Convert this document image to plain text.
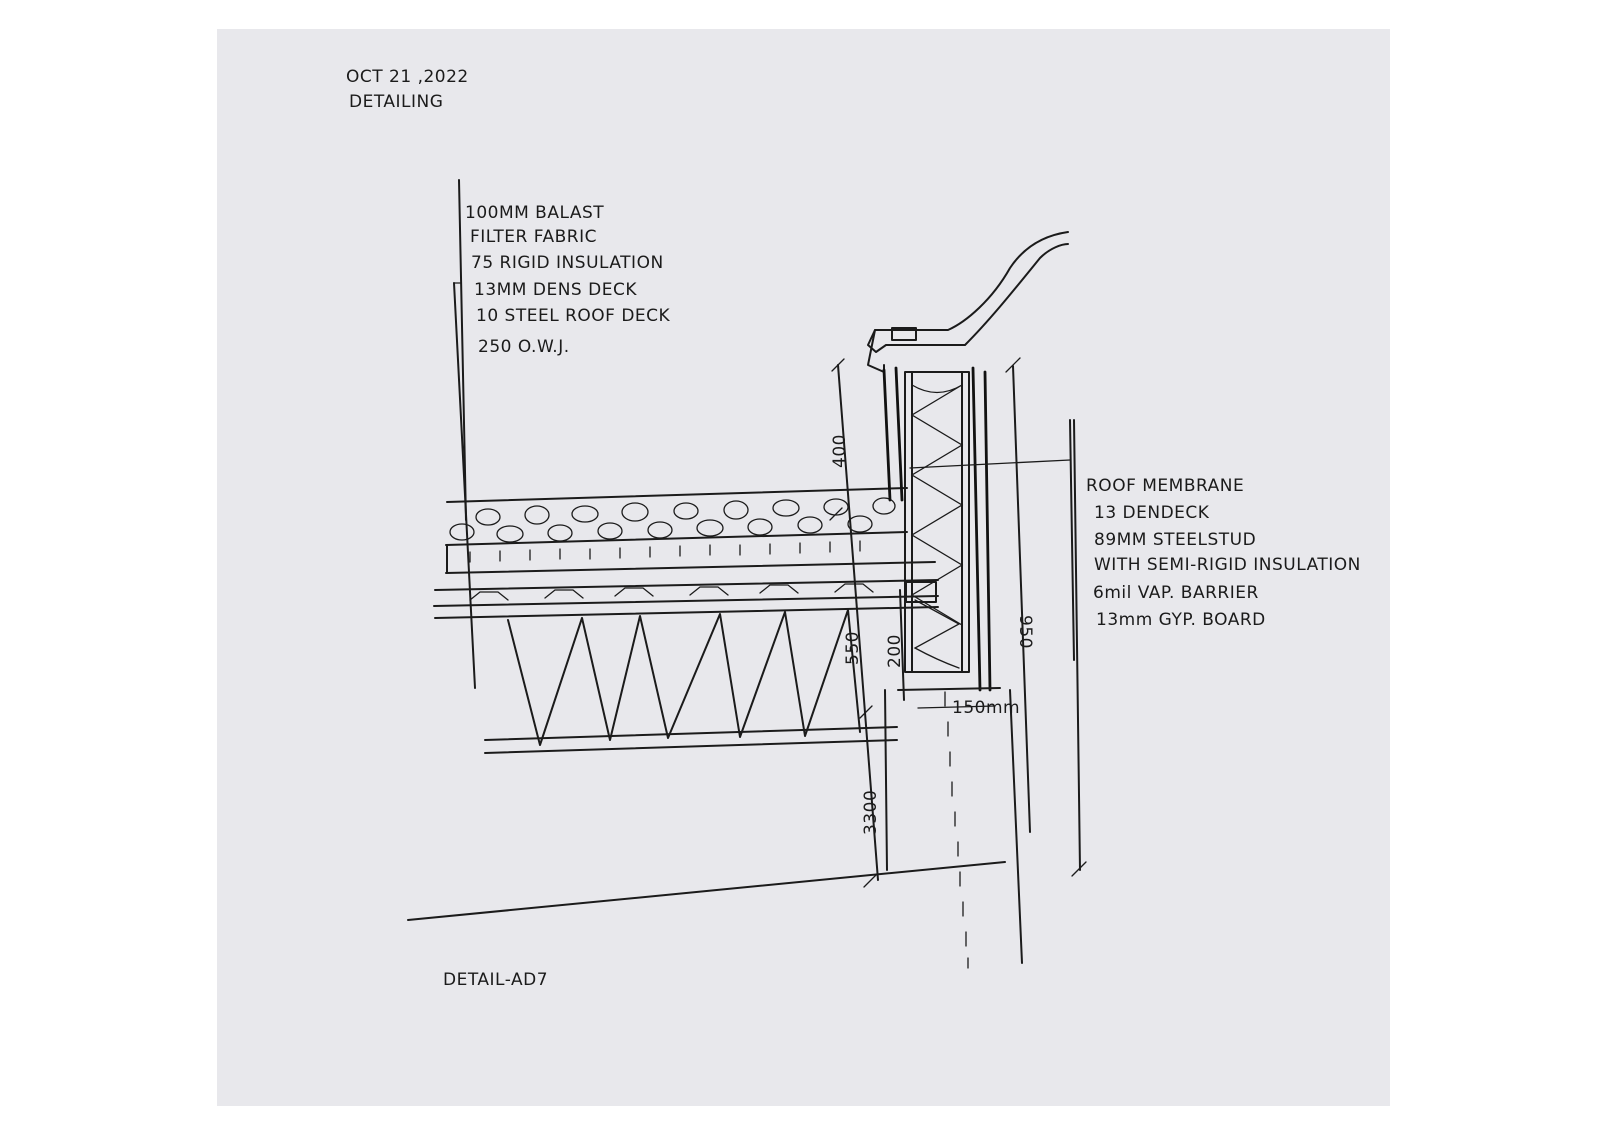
OCT 21 ,2022
DETAILING
100MM BALAST
FILTER FABRIC
75 RIGID INSULATION
13MM DENS DECK
10 STEEL ROOF DECK
250 O.W.J.
ROOF MEMBRANE
13 DENDECK
89MM STEELSTUD
WITH SEMI-RIGID INSULATION
6mil VAP. BARRIER
13mm GYP. BOARD
400
550 200
950
150mm
3300
DETAIL-AD7
